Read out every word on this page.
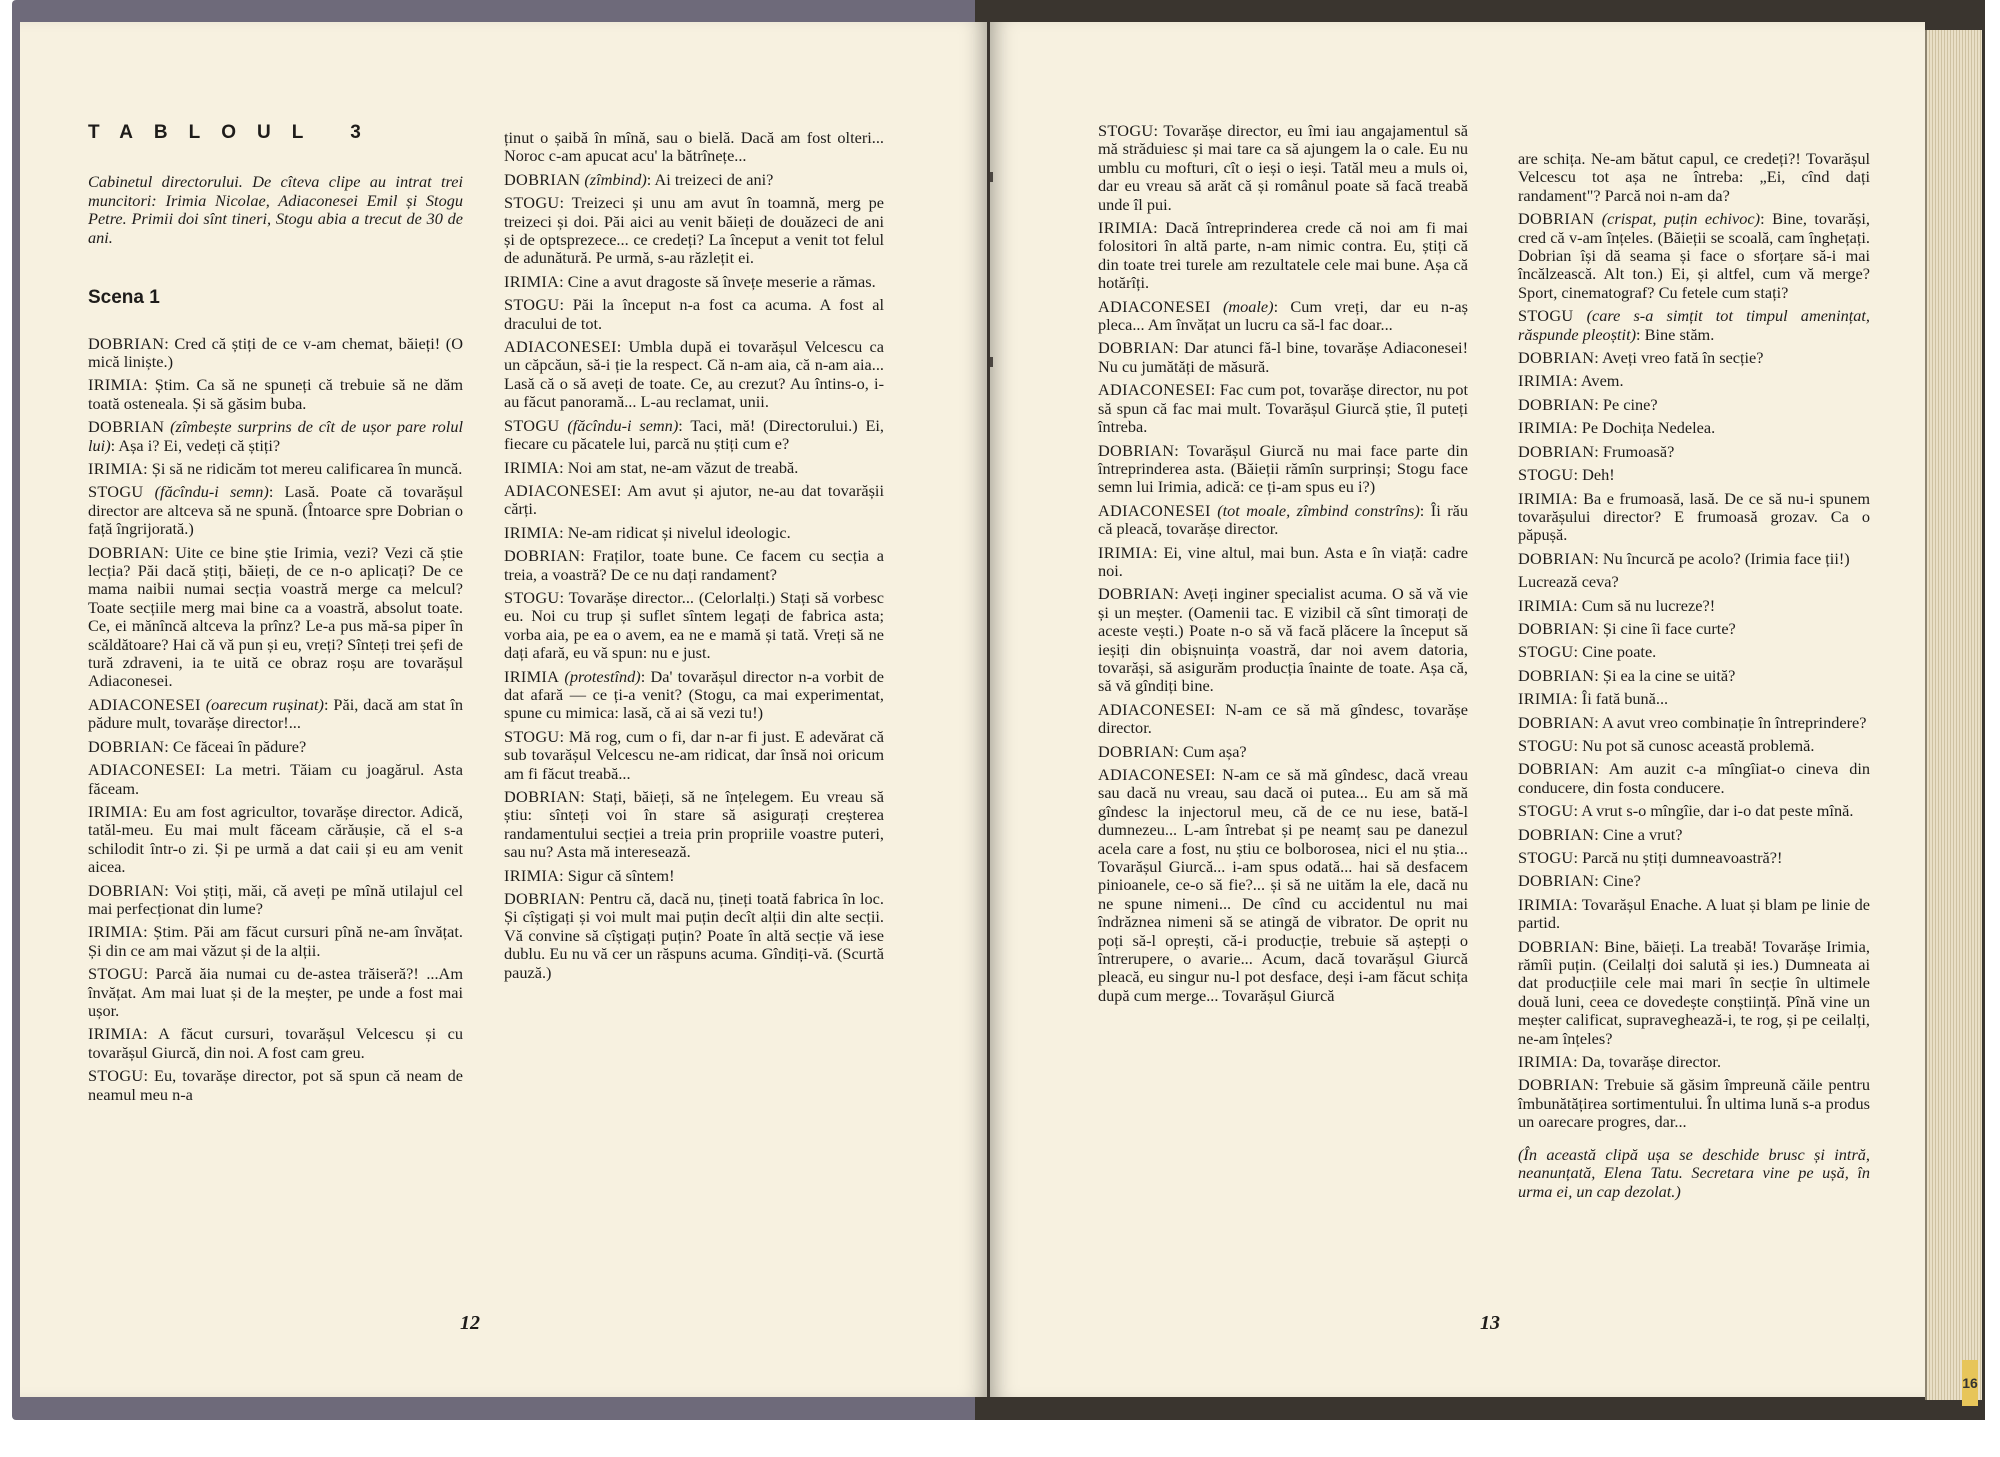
TABLOUL 3
Cabinetul directorului. De cîteva clipe au intrat trei muncitori: Irimia Nicolae, Adiaconesei Emil și Stogu Petre. Primii doi sînt tineri, Stogu abia a trecut de 30 de ani.
Scena 1
DOBRIAN: Cred că știți de ce v-am chemat, băieți! (O mică liniște.)
IRIMIA: Știm. Ca să ne spuneți că trebuie să ne dăm toată osteneala. Și să găsim buba.
DOBRIAN (zîmbește surprins de cît de ușor pare rolul lui): Așa i? Ei, vedeți că știți?
IRIMIA: Și să ne ridicăm tot mereu calificarea în muncă.
STOGU (făcîndu-i semn): Lasă. Poate că tovarășul director are altceva să ne spună. (Întoarce spre Dobrian o față îngrijorată.)
DOBRIAN: Uite ce bine știe Irimia, vezi? Vezi că știe lecția? Păi dacă știți, băieți, de ce n-o aplicați? De ce mama naibii numai secția voastră merge ca melcul? Toate secțiile merg mai bine ca a voastră, absolut toate. Ce, ei mănîncă altceva la prînz? Le-a pus mă-sa piper în scăldătoare? Hai că vă pun și eu, vreți? Sînteți trei șefi de tură zdraveni, ia te uită ce obraz roșu are tovarășul Adiaconesei.
ADIACONESEI (oarecum rușinat): Păi, dacă am stat în pădure mult, tovarășe director!...
DOBRIAN: Ce făceai în pădure?
ADIACONESEI: La metri. Tăiam cu joagărul. Asta făceam.
IRIMIA: Eu am fost agricultor, tovarășe director. Adică, tatăl-meu. Eu mai mult făceam cărăușie, că el s-a schilodit într-o zi. Și pe urmă a dat caii și eu am venit aicea.
DOBRIAN: Voi știți, măi, că aveți pe mînă utilajul cel mai perfecționat din lume?
IRIMIA: Știm. Păi am făcut cursuri pînă ne-am învățat. Și din ce am mai văzut și de la alții.
STOGU: Parcă ăia numai cu de-astea trăiseră?! ...Am învățat. Am mai luat și de la meșter, pe unde a fost mai ușor.
IRIMIA: A făcut cursuri, tovarășul Velcescu și cu tovarășul Giurcă, din noi. A fost cam greu.
STOGU: Eu, tovarășe director, pot să spun că neam de neamul meu n-a
ținut o șaibă în mînă, sau o bielă. Dacă am fost olteri... Noroc c-am apucat acu' la bătrînețe...
DOBRIAN (zîmbind): Ai treizeci de ani?
STOGU: Treizeci și unu am avut în toamnă, merg pe treizeci și doi. Păi aici au venit băieți de douăzeci de ani și de optsprezece... ce credeți? La început a venit tot felul de adunătură. Pe urmă, s-au răzlețit ei.
IRIMIA: Cine a avut dragoste să învețe meserie a rămas.
STOGU: Păi la început n-a fost ca acuma. A fost al dracului de tot.
ADIACONESEI: Umbla după ei tovarășul Velcescu ca un căpcăun, să-i ție la respect. Că n-am aia, că n-am aia... Lasă că o să aveți de toate. Ce, au crezut? Au întins-o, i-au făcut panoramă... L-au reclamat, unii.
STOGU (făcîndu-i semn): Taci, mă! (Directorului.) Ei, fiecare cu păcatele lui, parcă nu știți cum e?
IRIMIA: Noi am stat, ne-am văzut de treabă.
ADIACONESEI: Am avut și ajutor, ne-au dat tovarășii cărți.
IRIMIA: Ne-am ridicat și nivelul ideologic.
DOBRIAN: Fraților, toate bune. Ce facem cu secția a treia, a voastră? De ce nu dați randament?
STOGU: Tovarășe director... (Celorlalți.) Stați să vorbesc eu. Noi cu trup și suflet sîntem legați de fabrica asta; vorba aia, pe ea o avem, ea ne e mamă și tată. Vreți să ne dați afară, eu vă spun: nu e just.
IRIMIA (protestînd): Da' tovarășul director n-a vorbit de dat afară — ce ți-a venit? (Stogu, ca mai experimentat, spune cu mimica: lasă, că ai să vezi tu!)
STOGU: Mă rog, cum o fi, dar n-ar fi just. E adevărat că sub tovarășul Velcescu ne-am ridicat, dar însă noi oricum am fi făcut treabă...
DOBRIAN: Stați, băieți, să ne înțelegem. Eu vreau să știu: sînteți voi în stare să asigurați creșterea randamentului secției a treia prin propriile voastre puteri, sau nu? Asta mă interesează.
IRIMIA: Sigur că sîntem!
DOBRIAN: Pentru că, dacă nu, țineți toată fabrica în loc. Și cîștigați și voi mult mai puțin decît alții din alte secții. Vă convine să cîștigați puțin? Poate în altă secție vă iese dublu. Eu nu vă cer un răspuns acuma. Gîndiți-vă. (Scurtă pauză.)
12
STOGU: Tovarășe director, eu îmi iau angajamentul să mă străduiesc și mai tare ca să ajungem la o cale. Eu nu umblu cu mofturi, cît o ieși o ieși. Tatăl meu a muls oi, dar eu vreau să arăt că și românul poate să facă treabă unde îl pui.
IRIMIA: Dacă întreprinderea crede că noi am fi mai folositori în altă parte, n-am nimic contra. Eu, știți că din toate trei turele am rezultatele cele mai bune. Așa că hotărîți.
ADIACONESEI (moale): Cum vreți, dar eu n-aș pleca... Am învățat un lucru ca să-l fac doar...
DOBRIAN: Dar atunci fă-l bine, tovarășe Adiaconesei! Nu cu jumătăți de măsură.
ADIACONESEI: Fac cum pot, tovarășe director, nu pot să spun că fac mai mult. Tovarășul Giurcă știe, îl puteți întreba.
DOBRIAN: Tovarășul Giurcă nu mai face parte din întreprinderea asta. (Băieții rămîn surprinși; Stogu face semn lui Irimia, adică: ce ți-am spus eu i?)
ADIACONESEI (tot moale, zîmbind constrîns): Îi rău că pleacă, tovarășe director.
IRIMIA: Ei, vine altul, mai bun. Asta e în viață: cadre noi.
DOBRIAN: Aveți inginer specialist acuma. O să vă vie și un meșter. (Oamenii tac. E vizibil că sînt timorați de aceste vești.) Poate n-o să vă facă plăcere la început să ieșiți din obișnuința voastră, dar noi avem datoria, tovarăși, să asigurăm producția înainte de toate. Așa că, să vă gîndiți bine.
ADIACONESEI: N-am ce să mă gîndesc, tovarășe director.
DOBRIAN: Cum așa?
ADIACONESEI: N-am ce să mă gîndesc, dacă vreau sau dacă nu vreau, sau dacă oi putea... Eu am să mă gîndesc la injectorul meu, că de ce nu iese, bată-l dumnezeu... L-am întrebat și pe neamț sau pe danezul acela care a fost, nu știu ce bolborosea, nici el nu știa... Tovarășul Giurcă... i-am spus odată... hai să desfacem pinioanele, ce-o să fie?... și să ne uităm la ele, dacă nu ne spune nimeni... De cînd cu accidentul nu mai îndrăznea nimeni să se atingă de vibrator. De oprit nu poți să-l oprești, că-i producție, trebuie să aștepți o întrerupere, o avarie... Acum, dacă tovarășul Giurcă pleacă, eu singur nu-l pot desface, deși i-am făcut schița după cum merge... Tovarășul Giurcă
are schița. Ne-am bătut capul, ce credeți?! Tovarășul Velcescu tot așa ne întreba: „Ei, cînd dați randament"? Parcă noi n-am da?
DOBRIAN (crispat, puțin echivoc): Bine, tovarăși, cred că v-am înțeles. (Băieții se scoală, cam înghețați. Dobrian își dă seama și face o sforțare să-i mai încălzească. Alt ton.) Ei, și altfel, cum vă merge? Sport, cinematograf? Cu fetele cum stați?
STOGU (care s-a simțit tot timpul amenințat, răspunde pleoștit): Bine stăm.
DOBRIAN: Aveți vreo fată în secție?
IRIMIA: Avem.
DOBRIAN: Pe cine?
IRIMIA: Pe Dochița Nedelea.
DOBRIAN: Frumoasă?
STOGU: Deh!
IRIMIA: Ba e frumoasă, lasă. De ce să nu-i spunem tovarășului director? E frumoasă grozav. Ca o păpușă.
DOBRIAN: Nu încurcă pe acolo? (Irimia face ții!)
Lucrează ceva?
IRIMIA: Cum să nu lucreze?!
DOBRIAN: Și cine îi face curte?
STOGU: Cine poate.
DOBRIAN: Și ea la cine se uită?
IRIMIA: Îi fată bună...
DOBRIAN: A avut vreo combinație în întreprindere?
STOGU: Nu pot să cunosc această problemă.
DOBRIAN: Am auzit c-a mîngîiat-o cineva din conducere, din fosta conducere.
STOGU: A vrut s-o mîngîie, dar i-o dat peste mînă.
DOBRIAN: Cine a vrut?
STOGU: Parcă nu știți dumneavoastră?!
DOBRIAN: Cine?
IRIMIA: Tovarășul Enache. A luat și blam pe linie de partid.
DOBRIAN: Bine, băieți. La treabă! Tovarășe Irimia, rămîi puțin. (Ceilalți doi salută și ies.) Dumneata ai dat producțiile cele mai mari în secție în ultimele două luni, ceea ce dovedește conștiință. Pînă vine un meșter calificat, supraveghează-i, te rog, și pe ceilalți, ne-am înțeles?
IRIMIA: Da, tovarășe director.
DOBRIAN: Trebuie să găsim împreună căile pentru îmbunătățirea sortimentului. În ultima lună s-a produs un oarecare progres, dar...
(În această clipă ușa se deschide brusc și intră, neanunțată, Elena Tatu. Secretara vine pe ușă, în urma ei, un cap dezolat.)
13
16
